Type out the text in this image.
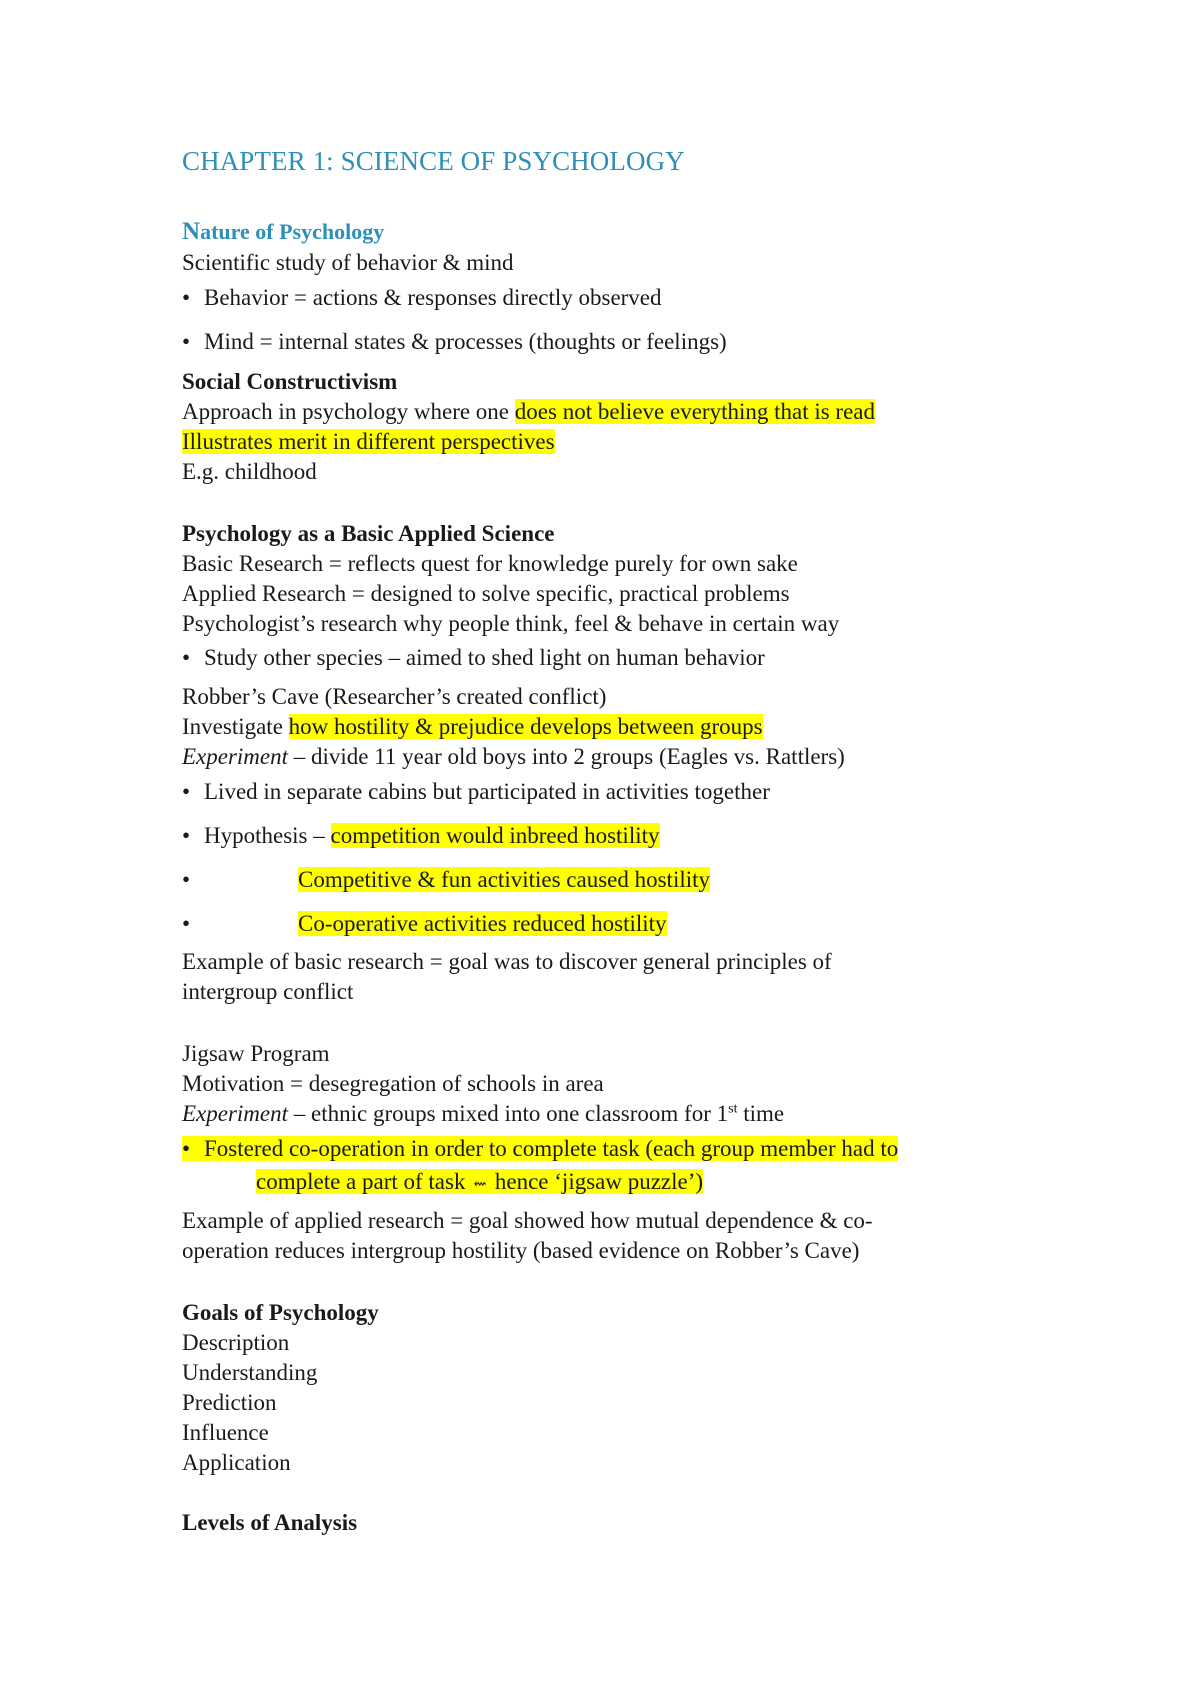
CHAPTER 1: SCIENCE OF PSYCHOLOGY
Nature of Psychology
Scientific study of behavior & mind
• Behavior = actions & responses directly observed
• Mind = internal states & processes (thoughts or feelings)
Social Constructivism
Approach in psychology where one does not believe everything that is read
Illustrates merit in different perspectives
E.g. childhood
Psychology as a Basic Applied Science
Basic Research = reflects quest for knowledge purely for own sake
Applied Research = designed to solve specific, practical problems
Psychologist’s research why people think, feel & behave in certain way
• Study other species – aimed to shed light on human behavior
Robber’s Cave (Researcher’s created conflict)
Investigate how hostility & prejudice develops between groups
Experiment – divide 11 year old boys into 2 groups (Eagles vs. Rattlers)
• Lived in separate cabins but participated in activities together
• Hypothesis – competition would inbreed hostility
•	Competitive & fun activities caused hostility
•	Co-operative activities reduced hostility
Example of basic research = goal was to discover general principles of
intergroup conflict
Jigsaw Program
Motivation = desegregation of schools in area
Experiment – ethnic groups mixed into one classroom for 1st time
• Fostered co-operation in order to complete task (each group member had to
complete a part of task ⇜ hence ‘jigsaw puzzle’)
Example of applied research = goal showed how mutual dependence & co-
operation reduces intergroup hostility (based evidence on Robber’s Cave)
Goals of Psychology
Description
Understanding
Prediction
Influence
Application
Levels of Analysis
